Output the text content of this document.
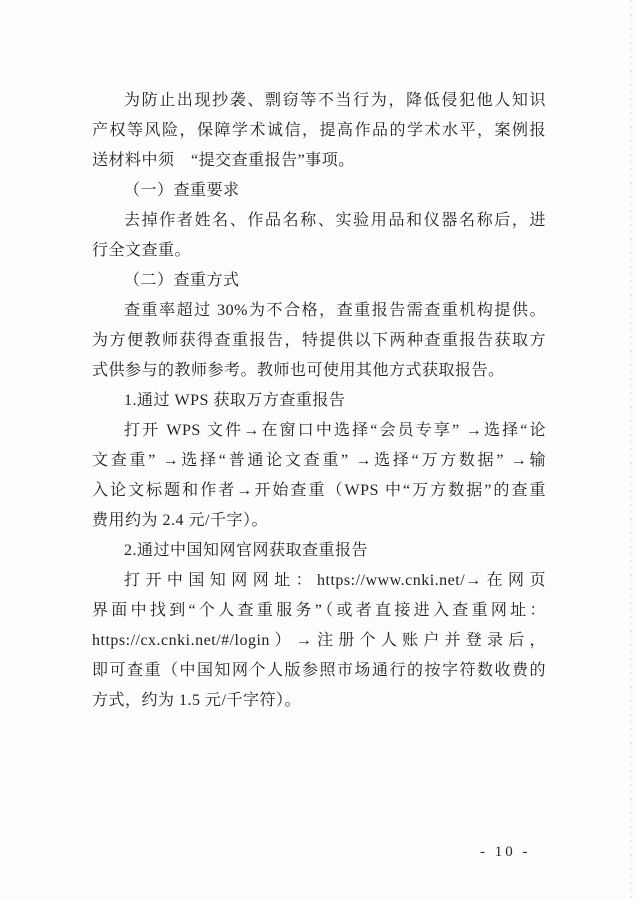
为防止出现抄袭、剽窃等不当行为，降低侵犯他人知识
产权等风险，保障学术诚信，提高作品的学术水平，案例报
送材料中须　“提交查重报告”事项。
（一）查重要求
去掉作者姓名、作品名称、实验用品和仪器名称后，进
行全文查重。
（二）查重方式
查重率超过 30%为不合格，查重报告需查重机构提供。
为方便教师获得查重报告，特提供以下两种查重报告获取方
式供参与的教师参考。教师也可使用其他方式获取报告。
1.通过 WPS 获取万方查重报告
打开 WPS 文件→在窗口中选择“会员专享” →选择“论
文查重” →选择“普通论文查重” →选择“万方数据” →输
入论文标题和作者→开始查重（WPS 中“万方数据”的查重
费用约为 2.4 元/千字）。
2.通过中国知网官网获取查重报告
打开中国知网网址：https://www.cnki.net/→在网页
界面中找到“个人查重服务”（或者直接进入查重网址：
https://cx.cnki.net/#/login）→注册个人账户并登录后，
即可查重（中国知网个人版参照市场通行的按字符数收费的
方式，约为 1.5 元/千字符）。
- 10 -
